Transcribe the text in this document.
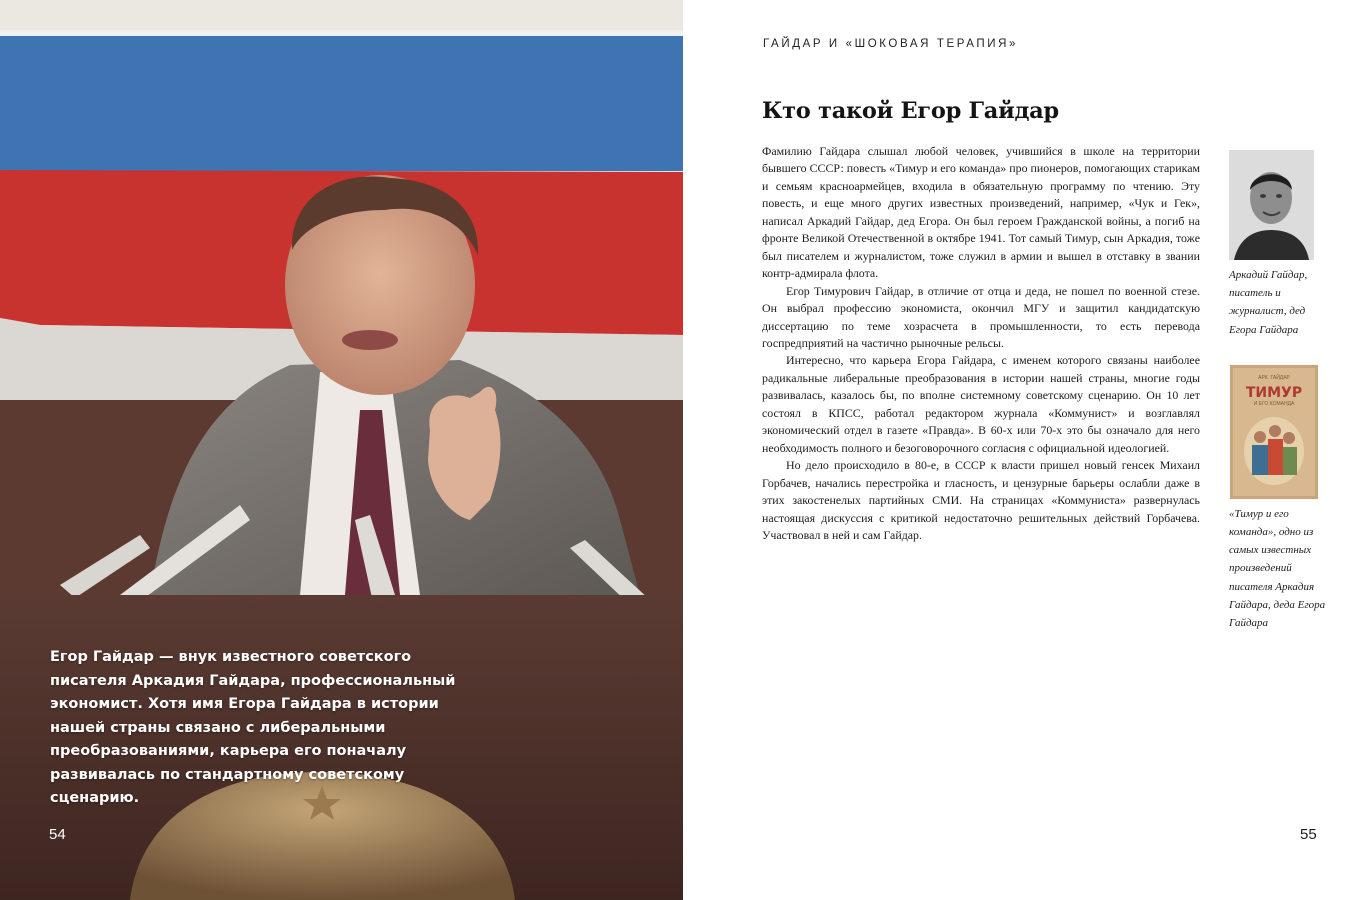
Егор Гайдар — внук известного советского писателя Аркадия Гайдара, профессиональный экономист. Хотя имя Егора Гайдара в истории нашей страны связано с либеральными преобразованиями, карьера его поначалу развивалась по стандартному советскому сценарию.

54
ГАЙДАР И «ШОКОВАЯ ТЕРАПИЯ»
Кто такой Егор Гайдар

Фамилию Гайдара слышал любой человек, учившийся в школе на территории бывшего СССР: повесть «Тимур и его команда» про пионеров, помогающих старикам и семьям красноармейцев, входила в обязательную программу по чтению. Эту повесть, и еще много других известных произведений, например, «Чук и Гек», написал Аркадий Гайдар, дед Егора. Он был героем Гражданской войны, а погиб на фронте Великой Отечественной в октябре 1941. Тот самый Тимур, сын Аркадия, тоже был писателем и журналистом, тоже служил в армии и вышел в отставку в звании контр-адмирала флота.

Егор Тимурович Гайдар, в отличие от отца и деда, не пошел по военной стезе. Он выбрал профессию экономиста, окончил МГУ и защитил кандидатскую диссертацию по теме хозрасчета в промышленности, то есть перевода госпредприятий на частично рыночные рельсы.

Интересно, что карьера Егора Гайдара, с именем которого связаны наиболее радикальные либеральные преобразования в истории нашей страны, многие годы развивалась, казалось бы, по вполне системному советскому сценарию. Он 10 лет состоял в КПСС, работал редактором журнала «Коммунист» и возглавлял экономический отдел в газете «Правда». В 60-х или 70-х это бы означало для него необходимость полного и безоговорочного согласия с официальной идеологией.

Но дело происходило в 80-е, в СССР к власти пришел новый генсек Михаил Горбачев, начались перестройка и гласность, и цензурные барьеры ослабли даже в этих закостенелых партийных СМИ. На страницах «Коммуниста» развернулась настоящая дискуссия с критикой недостаточно решительных действий Горбачева. Участвовал в ней и сам Гайдар.

Аркадий Гайдар, писатель и журналист, дед Егора Гайдара

АРК. ГАЙДАР
ТИМУР
И ЕГО КОМАНДА

«Тимур и его команда», одно из самых известных произведений писателя Аркадия Гайдара, деда Егора Гайдара

55
